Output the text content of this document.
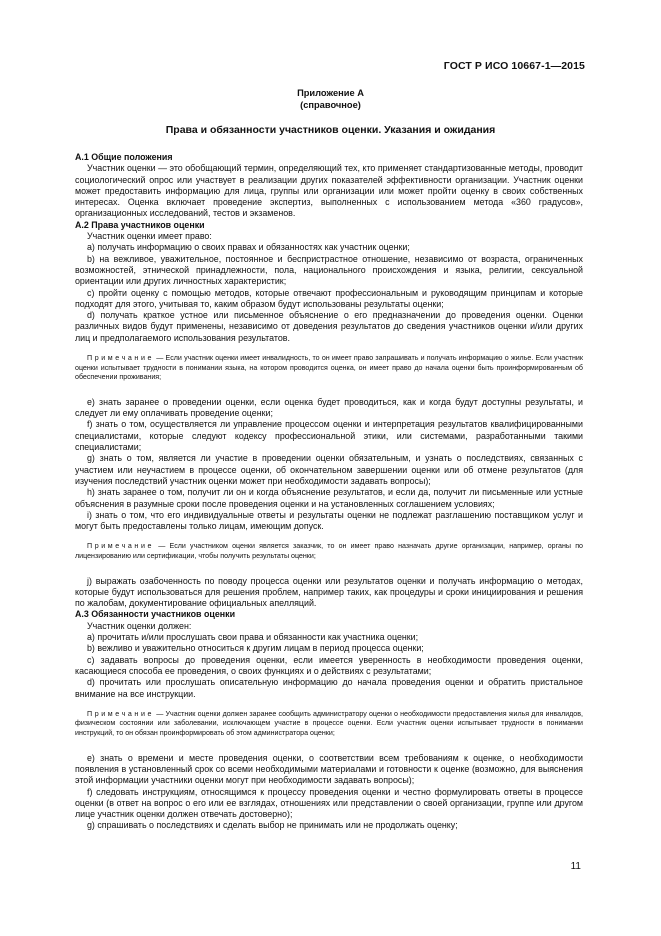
ГОСТ Р ИСО 10667-1—2015
Приложение А
(справочное)
Права и обязанности участников оценки. Указания и ожидания
А.1 Общие положения

Участник оценки — это обобщающий термин, определяющий тех, кто применяет стандартизованные методы, проводит социологический опрос или участвует в реализации других показателей эффективности организации. Участник оценки может предоставить информацию для лица, группы или организации или может пройти оценку в своих собственных интересах. Оценка включает проведение экспертиз, выполненных с использованием метода «360 градусов», организационных исследований, тестов и экзаменов.

А.2 Права участников оценки

Участник оценки имеет право:

а) получать информацию о своих правах и обязанностях как участник оценки;

b) на вежливое, уважительное, постоянное и беспристрастное отношение, независимо от возраста, ограниченных возможностей, этнической принадлежности, пола, национального происхождения и языка, религии, сексуальной ориентации или других личностных характеристик;

с) пройти оценку с помощью методов, которые отвечают профессиональным и руководящим принципам и которые подходят для этого, учитывая то, каким образом будут использованы результаты оценки;

d) получать краткое устное или письменное объяснение о его предназначении до проведения оценки. Оценки различных видов будут применены, независимо от доведения результатов до сведения участников оценки и/или других лиц и предполагаемого использования результатов.

Примечание — Если участник оценки имеет инвалидность, то он имеет право запрашивать и получать информацию о жилье. Если участник оценки испытывает трудности в понимании языка, на котором проводится оценка, он имеет право до начала оценки быть проинформированным об обеспечении проживания;

е) знать заранее о проведении оценки, если оценка будет проводиться, как и когда будут доступны результаты, и следует ли ему оплачивать проведение оценки;

f) знать о том, осуществляется ли управление процессом оценки и интерпретация результатов квалифицированными специалистами, которые следуют кодексу профессиональной этики, или системами, разработанными такими специалистами;

g) знать о том, является ли участие в проведении оценки обязательным, и узнать о последствиях, связанных с участием или неучастием в процессе оценки, об окончательном завершении оценки или об отмене результатов (для изучения последствий участник оценки может при необходимости задавать вопросы);

h) знать заранее о том, получит ли он и когда объяснение результатов, и если да, получит ли письменные или устные объяснения в разумные сроки после проведения оценки и на установленных соглашением условиях;

i) знать о том, что его индивидуальные ответы и результаты оценки не подлежат разглашению поставщиком услуг и могут быть предоставлены только лицам, имеющим допуск.

Примечание — Если участником оценки является заказчик, то он имеет право назначать другие организации, например, органы по лицензированию или сертификации, чтобы получить результаты оценки;

j) выражать озабоченность по поводу процесса оценки или результатов оценки и получать информацию о методах, которые будут использоваться для решения проблем, например таких, как процедуры и сроки инициирования и решения по жалобам, документирование официальных апелляций.

А.3 Обязанности участников оценки

Участник оценки должен:

а) прочитать и/или прослушать свои права и обязанности как участника оценки;

b) вежливо и уважительно относиться к другим лицам в период процесса оценки;

с) задавать вопросы до проведения оценки, если имеется уверенность в необходимости проведения оценки, касающиеся способа ее проведения, о своих функциях и о действиях с результатами;

d) прочитать или прослушать описательную информацию до начала проведения оценки и обратить пристальное внимание на все инструкции.

Примечание — Участник оценки должен заранее сообщить администратору оценки о необходимости предоставления жилья для инвалидов, физическом состоянии или заболевании, исключающем участие в процессе оценки. Если участник оценки испытывает трудности в понимании инструкций, то он обязан проинформировать об этом администратора оценки;

е) знать о времени и месте проведения оценки, о соответствии всем требованиям к оценке, о необходимости появления в установленный срок со всеми необходимыми материалами и готовности к оценке (возможно, для выяснения этой информации участники оценки могут при необходимости задавать вопросы);

f) следовать инструкциям, относящимся к процессу проведения оценки и честно формулировать ответы в процессе оценки (в ответ на вопрос о его или ее взглядах, отношениях или представлении о своей организации, группе или другом лице участник оценки должен отвечать достоверно);

g) спрашивать о последствиях и сделать выбор не принимать или не продолжать оценку;

11
